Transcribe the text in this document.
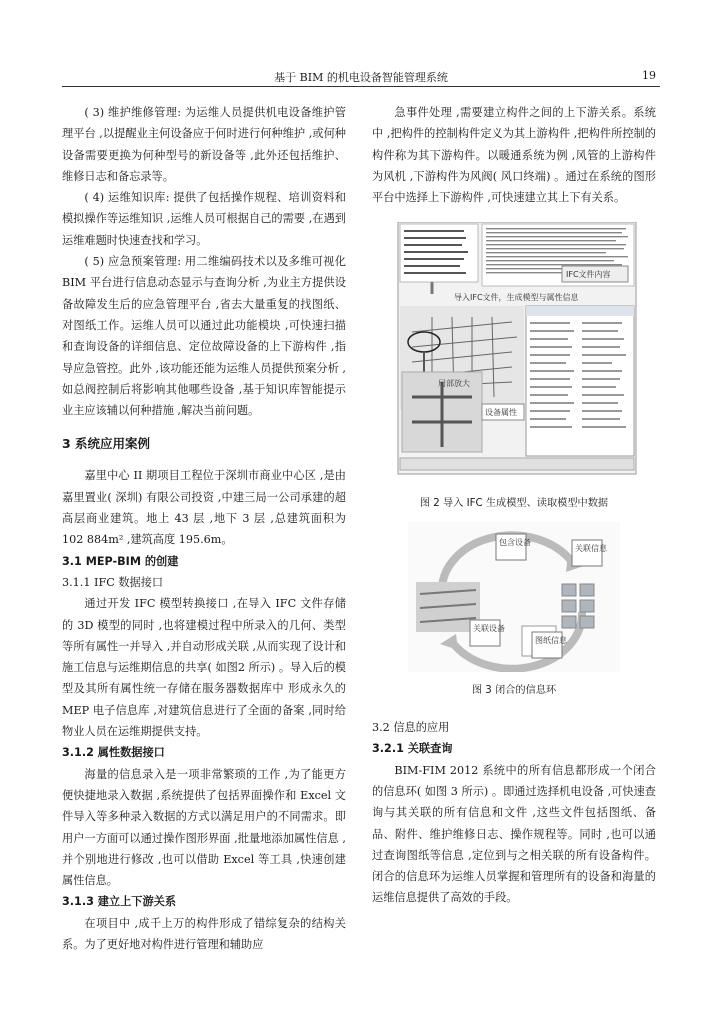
基于 BIM 的机电设备智能管理系统	19

( 3) 维护维修管理: 为运维人员提供机电设备维护管理平台 ,以提醒业主何设备应于何时进行何种维护 ,或何种设备需要更换为何种型号的新设备等 ,此外还包括维护、维修日志和备忘录等。

( 4) 运维知识库: 提供了包括操作规程、培训资料和模拟操作等运维知识 ,运维人员可根据自己的需要 ,在遇到运维难题时快速查找和学习。

( 5) 应急预案管理: 用二维编码技术以及多维可视化 BIM 平台进行信息动态显示与查询分析 ,为业主方提供设备故障发生后的应急管理平台 ,省去大量重复的找图纸、对图纸工作。运维人员可以通过此功能模块 ,可快速扫描和查询设备的详细信息、定位故障设备的上下游构件 ,指导应急管控。此外 ,该功能还能为运维人员提供预案分析 ,如总阀控制后将影响其他哪些设备 ,基于知识库智能提示业主应该辅以何种措施 ,解决当前问题。

3 系统应用案例

嘉里中心 II 期项目工程位于深圳市商业中心区 ,是由嘉里置业( 深圳) 有限公司投资 ,中建三局一公司承建的超高层商业建筑。地上 43 层 ,地下 3 层 ,总建筑面积为 102 884m² ,建筑高度 195.6m。

3.1 MEP-BIM 的创建
3.1.1 IFC 数据接口

通过开发 IFC 模型转换接口 ,在导入 IFC 文件存储的 3D 模型的同时 ,也将建模过程中所录入的几何、类型等所有属性一并导入 ,并自动形成关联 ,从而实现了设计和施工信息与运维期信息的共享( 如图2 所示) 。导入后的模型及其所有属性统一存储在服务器数据库中 形成永久的 MEP 电子信息库 ,对建筑信息进行了全面的备案 ,同时给物业人员在运维期提供支持。

3.1.2 属性数据接口

海量的信息录入是一项非常繁琐的工作 ,为了能更方便快捷地录入数据 ,系统提供了包括界面操作和 Excel 文件导入等多种录入数据的方式以满足用户的不同需求。即用户一方面可以通过操作图形界面 ,批量地添加属性信息 ,并个别地进行修改 ,也可以借助 Excel 等工具 ,快速创建属性信息。

3.1.3 建立上下游关系

在项目中 ,成千上万的构件形成了错综复杂的结构关系。为了更好地对构件进行管理和辅助应

急事件处理 ,需要建立构件之间的上下游关系。系统中 ,把构件的控制构件定义为其上游构件 ,把构件所控制的构件称为其下游构件。以暖通系统为例 ,风管的上游构件为风机 ,下游构件为风阀( 风口终端) 。通过在系统的图形平台中选择上下游构件 ,可快速建立其上下有关系。

IFC文件内容
导入IFC文件，生成模型与属性信息
局部放大
设备属性
图 2 导入 IFC 生成模型、读取模型中数据
包含设备
关联信息
关联设备
图纸信息
图 3 闭合的信息环
3.2 信息的应用
3.2.1 关联查询

BIM-FIM 2012 系统中的所有信息都形成一个闭合的信息环( 如图 3 所示) 。即通过选择机电设备 ,可快速查询与其关联的所有信息和文件 ,这些文件包括图纸、备品、附件、维护维修日志、操作规程等。同时 ,也可以通过查询图纸等信息 ,定位到与之相关联的所有设备构件。闭合的信息环为运维人员掌握和管理所有的设备和海量的运维信息提供了高效的手段。
